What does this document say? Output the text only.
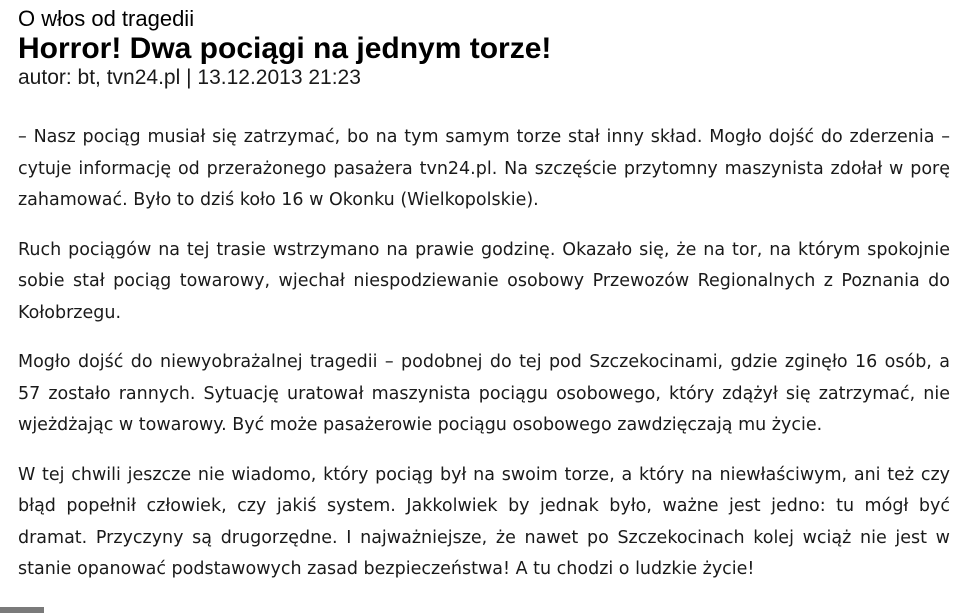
O włos od tragedii
Horror! Dwa pociągi na jednym torze!
autor: bt, tvn24.pl | 13.12.2013 21:23

– Nasz pociąg musiał się zatrzymać, bo na tym samym torze stał inny skład. Mogło dojść do zderzenia – cytuje informację od przerażonego pasażera tvn24.pl. Na szczęście przytomny maszynista zdołał w porę zahamować. Było to dziś koło 16 w Okonku (Wielkopolskie).

Ruch pociągów na tej trasie wstrzymano na prawie godzinę. Okazało się, że na tor, na którym spokojnie sobie stał pociąg towarowy, wjechał niespodziewanie osobowy Przewozów Regionalnych z Poznania do Kołobrzegu.

Mogło dojść do niewyobrażalnej tragedii – podobnej do tej pod Szczekocinami, gdzie zginęło 16 osób, a 57 zostało rannych. Sytuację uratował maszynista pociągu osobowego, który zdążył się zatrzymać, nie wjeżdżając w towarowy. Być może pasażerowie pociągu osobowego zawdzięczają mu życie.

W tej chwili jeszcze nie wiadomo, który pociąg był na swoim torze, a który na niewłaściwym, ani też czy błąd popełnił człowiek, czy jakiś system. Jakkolwiek by jednak było, ważne jest jedno: tu mógł być dramat. Przyczyny są drugorzędne. I najważniejsze, że nawet po Szczekocinach kolej wciąż nie jest w stanie opanować podstawowych zasad bezpieczeństwa! A tu chodzi o ludzkie życie!
